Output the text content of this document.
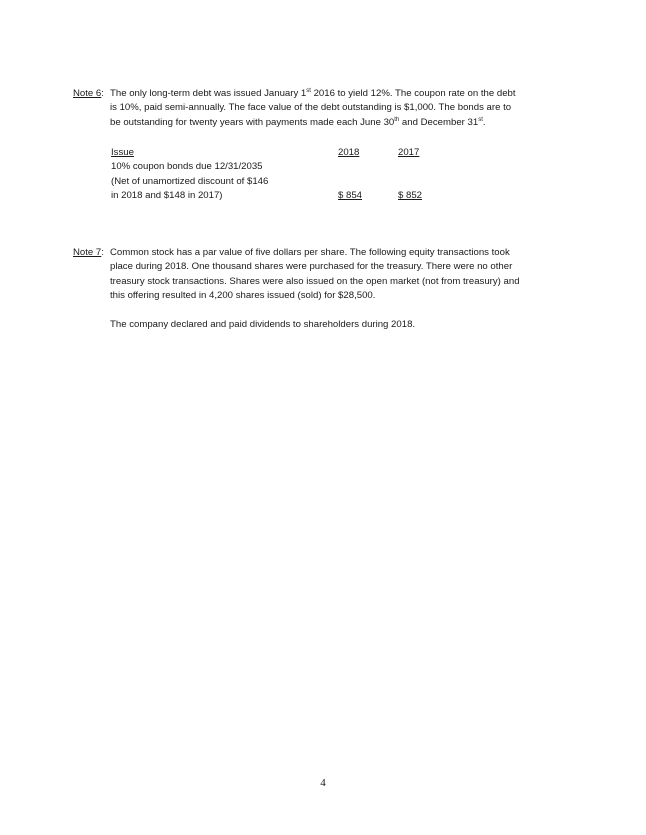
Note 6: The only long-term debt was issued January 1st 2016 to yield 12%. The coupon rate on the debt
is 10%, paid semi-annually. The face value of the debt outstanding is $1,000. The bonds are to
be outstanding for twenty years with payments made each June 30th and December 31st.
Issue	2018	2017
10% coupon bonds due 12/31/2035
(Net of unamortized discount of $146
in 2018 and $148 in 2017)	$ 854	$ 852
Note 7: Common stock has a par value of five dollars per share. The following equity transactions took
place during 2018. One thousand shares were purchased for the treasury. There were no other
treasury stock transactions. Shares were also issued on the open market (not from treasury) and
this offering resulted in 4,200 shares issued (sold) for $28,500.
The company declared and paid dividends to shareholders during 2018.
4
